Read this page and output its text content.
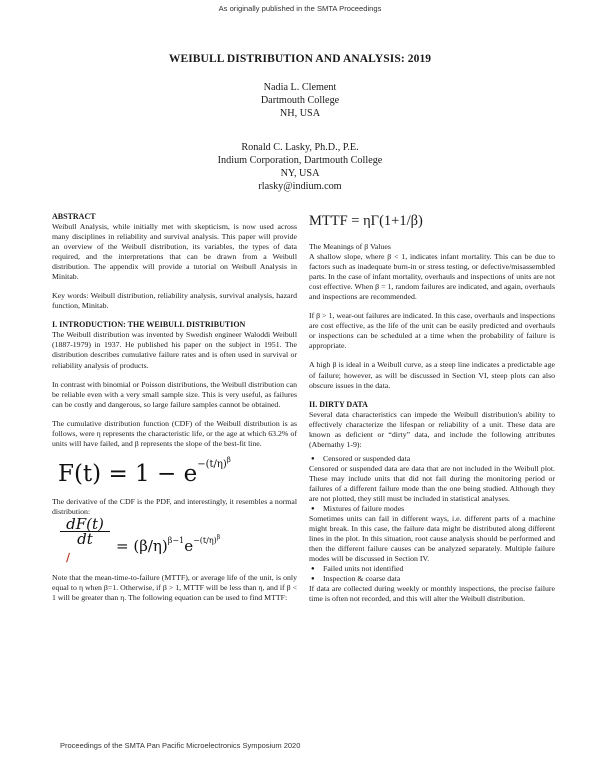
As originally published in the SMTA Proceedings
WEIBULL DISTRIBUTION AND ANALYSIS: 2019
Nadia L. Clement
Dartmouth College
NH, USA
Ronald C. Lasky, Ph.D., P.E.
Indium Corporation, Dartmouth College
NY, USA
rlasky@indium.com
ABSTRACT

Weibull Analysis, while initially met with skepticism, is now used across many disciplines in reliability and survival analysis. This paper will provide an overview of the Weibull distribution, its variables, the types of data required, and the interpretations that can be drawn from a Weibull distribution. The appendix will provide a tutorial on Weibull Analysis in Minitab.

Key words: Weibull distribution, reliability analysis, survival analysis, hazard function, Minitab.

I. INTRODUCTION: THE WEIBULL DISTRIBUTION

The Weibull distribution was invented by Swedish engineer Waloddi Weibull (1887-1979) in 1937. He published his paper on the subject in 1951. The distribution describes cumulative failure rates and is often used in survival or reliability analysis of products.

In contrast with binomial or Poisson distributions, the Weibull distribution can be reliable even with a very small sample size. This is very useful, as failures can be costly and dangerous, so large failure samples cannot be obtained.

The cumulative distribution function (CDF) of the Weibull distribution is as follows, were η represents the characteristic life, or the age at which 63.2% of units will have failed, and β represents the slope of the best-fit line.

$F(t) = 1 - e^{-(t/\eta)^\beta}$

The derivative of the CDF is the PDF, and interestingly, it resembles a normal distribution:

dF(t)
dt
/
= $(\beta/\eta)^{\beta-1}e^{-(t/\eta)^\beta}$

Note that the mean-time-to-failure (MTTF), or average life of the unit, is only equal to η when β=1. Otherwise, if β > 1, MTTF will be less than η, and if β < 1 will be greater than η. The following equation can be used to find MTTF:

MTTF = ηΓ(1+1/β)

The Meanings of β Values

A shallow slope, where β < 1, indicates infant mortality. This can be due to factors such as inadequate burn-in or stress testing, or defective/misassembled parts. In the case of infant mortality, overhauls and inspections of units are not cost effective. When β = 1, random failures are indicated, and again, overhauls and inspections are recommended.

If β > 1, wear-out failures are indicated. In this case, overhauls and inspections are cost effective, as the life of the unit can be easily predicted and overhauls or inspections can be scheduled at a time when the probability of failure is appropriate.

A high β is ideal in a Weibull curve, as a steep line indicates a predictable age of failure; however, as will be discussed in Section VI, steep plots can also obscure issues in the data.

II. DIRTY DATA

Several data characteristics can impede the Weibull distribution's ability to effectively characterize the lifespan or reliability of a unit. These data are known as deficient or “dirty” data, and include the following attributes (Abernathy 1-9):

● Censored or suspended data

Censored or suspended data are data that are not included in the Weibull plot. These may include units that did not fail during the monitoring period or failures of a different failure mode than the one being studied. Although they are not plotted, they still must be included in statistical analyses.

● Mixtures of failure modes

Sometimes units can fail in different ways, i.e. different parts of a machine might break. In this case, the failure data might be distributed along different lines in the plot. In this situation, root cause analysis should be performed and then the different failure causes can be analyzed separately. Multiple failure modes will be discussed in Section IV.

● Failed units not identified

● Inspection & coarse data

If data are collected during weekly or monthly inspections, the precise failure time is often not recorded, and this will alter the Weibull distribution.

Proceedings of the SMTA Pan Pacific Microelectronics Symposium 2020
